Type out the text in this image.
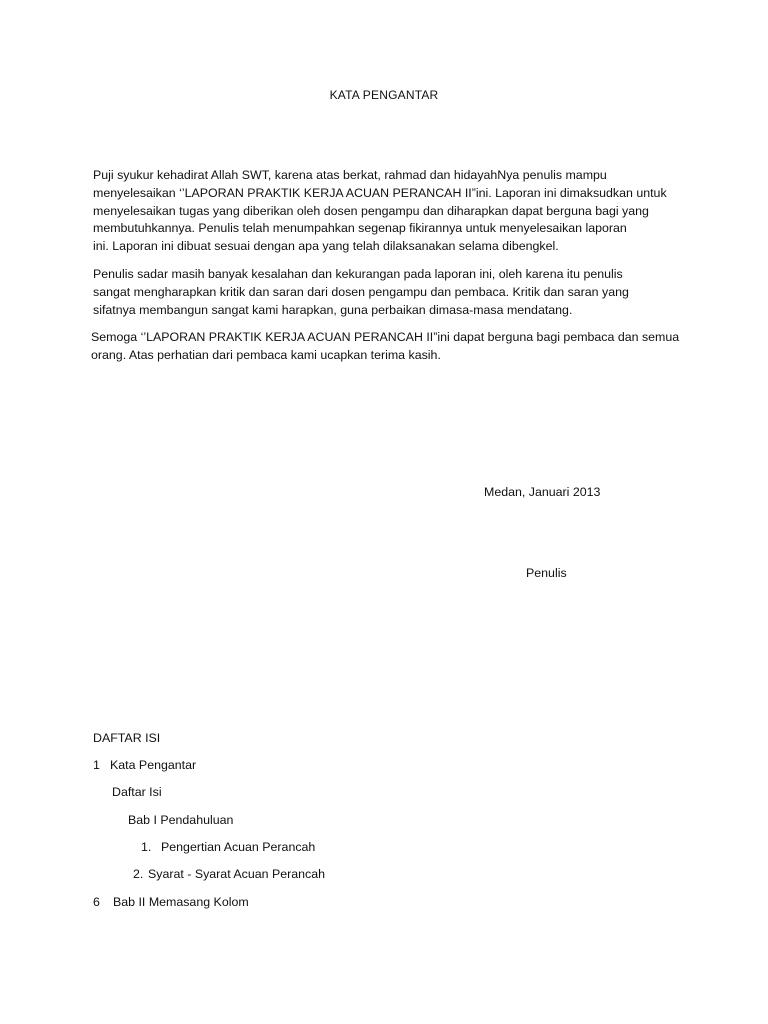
KATA PENGANTAR
Puji syukur kehadirat Allah SWT, karena atas berkat, rahmad dan hidayahNya penulis mampu
menyelesaikan ‘’LAPORAN PRAKTIK KERJA ACUAN PERANCAH II”ini. Laporan ini dimaksudkan untuk
menyelesaikan tugas yang diberikan oleh dosen pengampu dan diharapkan dapat berguna bagi yang
membutuhkannya. Penulis telah menumpahkan segenap fikirannya untuk menyelesaikan laporan
ini. Laporan ini dibuat sesuai dengan apa yang telah dilaksanakan selama dibengkel.
Penulis sadar masih banyak kesalahan dan kekurangan pada laporan ini, oleh karena itu penulis
sangat mengharapkan kritik dan saran dari dosen pengampu dan pembaca. Kritik dan saran yang
sifatnya membangun sangat kami harapkan, guna perbaikan dimasa-masa mendatang.
Semoga ‘’LAPORAN PRAKTIK KERJA ACUAN PERANCAH II”ini dapat berguna bagi pembaca dan semua
orang. Atas perhatian dari pembaca kami ucapkan terima kasih.
Medan, Januari 2013
Penulis
DAFTAR ISI
1 Kata Pengantar
Daftar Isi
Bab I Pendahuluan
1. Pengertian Acuan Perancah
2. Syarat - Syarat Acuan Perancah
6 Bab II Memasang Kolom
